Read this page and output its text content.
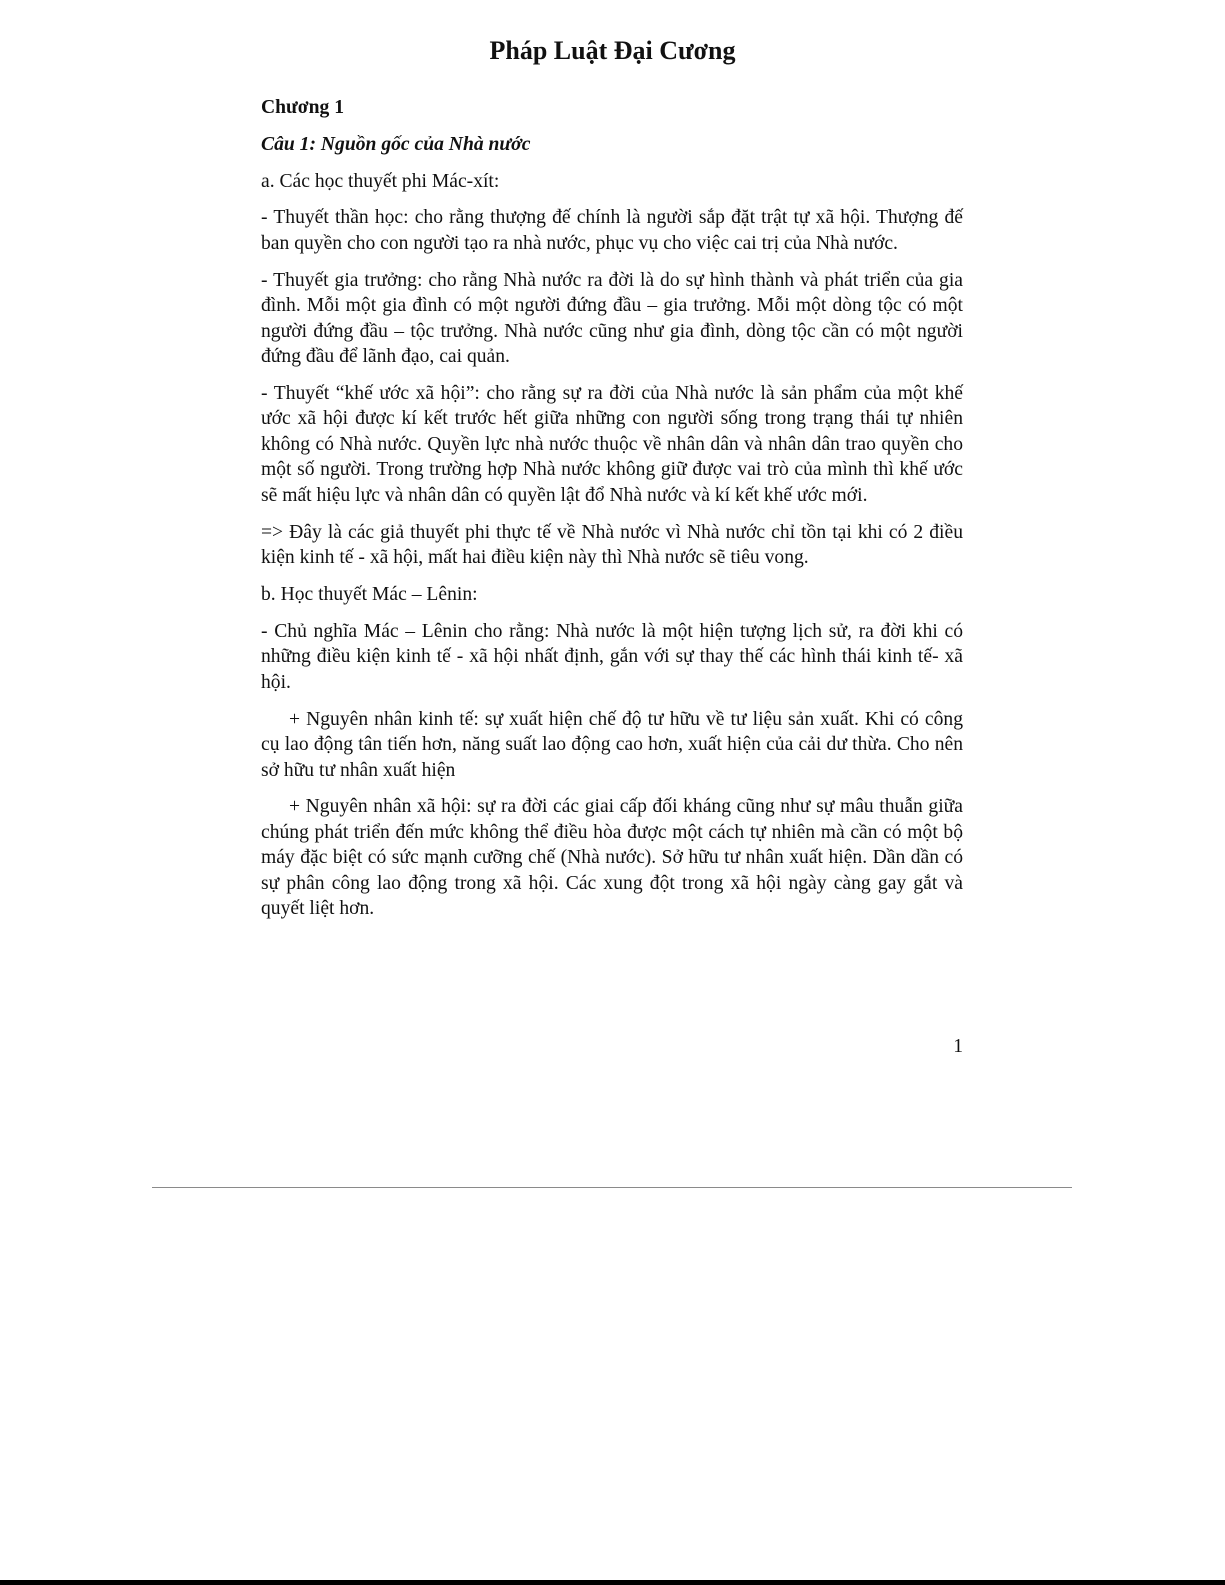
Pháp Luật Đại Cương

Chương 1

Câu 1: Nguồn gốc của Nhà nước

a. Các học thuyết phi Mác-xít:

- Thuyết thần học: cho rằng thượng đế chính là người sắp đặt trật tự xã hội. Thượng đế ban quyền cho con người tạo ra nhà nước, phục vụ cho việc cai trị của Nhà nước.

- Thuyết gia trưởng: cho rằng Nhà nước ra đời là do sự hình thành và phát triển của gia đình. Mỗi một gia đình có một người đứng đầu – gia trưởng. Mỗi một dòng tộc có một người đứng đầu – tộc trưởng. Nhà nước cũng như gia đình, dòng tộc cần có một người đứng đầu để lãnh đạo, cai quản.

- Thuyết “khế ước xã hội”: cho rằng sự ra đời của Nhà nước là sản phẩm của một khế ước xã hội được kí kết trước hết giữa những con người sống trong trạng thái tự nhiên không có Nhà nước. Quyền lực nhà nước thuộc về nhân dân và nhân dân trao quyền cho một số người. Trong trường hợp Nhà nước không giữ được vai trò của mình thì khế ước sẽ mất hiệu lực và nhân dân có quyền lật đổ Nhà nước và kí kết khế ước mới.

=> Đây là các giả thuyết phi thực tế về Nhà nước vì Nhà nước chỉ tồn tại khi có 2 điều kiện kinh tế - xã hội, mất hai điều kiện này thì Nhà nước sẽ tiêu vong.

b. Học thuyết Mác – Lênin:

- Chủ nghĩa Mác – Lênin cho rằng: Nhà nước là một hiện tượng lịch sử, ra đời khi có những điều kiện kinh tế - xã hội nhất định, gắn với sự thay thế các hình thái kinh tế- xã hội.

+ Nguyên nhân kinh tế: sự xuất hiện chế độ tư hữu về tư liệu sản xuất. Khi có công cụ lao động tân tiến hơn, năng suất lao động cao hơn, xuất hiện của cải dư thừa. Cho nên sở hữu tư nhân xuất hiện

+ Nguyên nhân xã hội: sự ra đời các giai cấp đối kháng cũng như sự mâu thuẫn giữa chúng phát triển đến mức không thể điều hòa được một cách tự nhiên mà cần có một bộ máy đặc biệt có sức mạnh cưỡng chế (Nhà nước). Sở hữu tư nhân xuất hiện. Dần dần có sự phân công lao động trong xã hội. Các xung đột trong xã hội ngày càng gay gắt và quyết liệt hơn.

1
